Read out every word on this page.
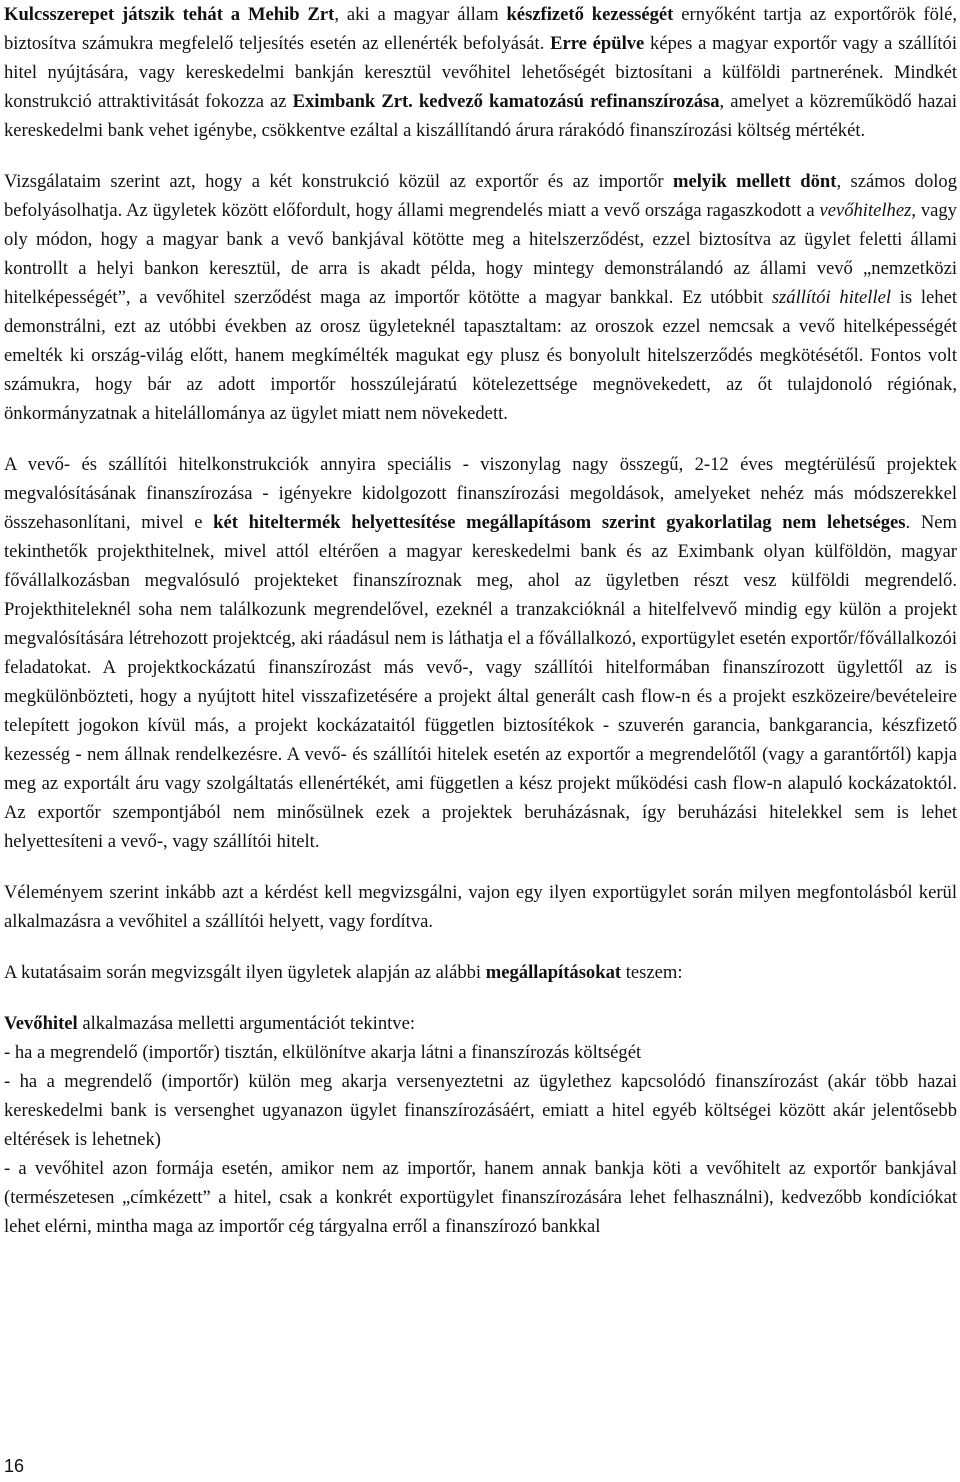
Kulcsszerepet játszik tehát a Mehib Zrt, aki a magyar állam készfizető kezességét ernyőként tartja az exportőrök fölé, biztosítva számukra megfelelő teljesítés esetén az ellenérték befolyását. Erre épülve képes a magyar exportőr vagy a szállítói hitel nyújtására, vagy kereskedelmi bankján keresztül vevőhitel lehetőségét biztosítani a külföldi partnerének. Mindkét konstrukció attraktivitását fokozza az Eximbank Zrt. kedvező kamatozású refinanszírozása, amelyet a közreműködő hazai kereskedelmi bank vehet igénybe, csökkentve ezáltal a kiszállítandó árura rárakódó finanszírozási költség mértékét.

Vizsgálataim szerint azt, hogy a két konstrukció közül az exportőr és az importőr melyik mellett dönt, számos dolog befolyásolhatja. Az ügyletek között előfordult, hogy állami megrendelés miatt a vevő országa ragaszkodott a vevőhitelhez, vagy oly módon, hogy a magyar bank a vevő bankjával kötötte meg a hitelszerződést, ezzel biztosítva az ügylet feletti állami kontrollt a helyi bankon keresztül, de arra is akadt példa, hogy mintegy demonstrálandó az állami vevő „nemzetközi hitelképességét”, a vevőhitel szerződést maga az importőr kötötte a magyar bankkal. Ez utóbbit szállítói hitellel is lehet demonstrálni, ezt az utóbbi években az orosz ügyleteknél tapasztaltam: az oroszok ezzel nemcsak a vevő hitelképességét emelték ki ország-világ előtt, hanem megkímélték magukat egy plusz és bonyolult hitelszerződés megkötésétől. Fontos volt számukra, hogy bár az adott importőr hosszúlejáratú kötelezettsége megnövekedett, az őt tulajdonoló régiónak, önkormányzatnak a hitelállománya az ügylet miatt nem növekedett.

A vevő- és szállítói hitelkonstrukciók annyira speciális - viszonylag nagy összegű, 2-12 éves megtérülésű projektek megvalósításának finanszírozása - igényekre kidolgozott finanszírozási megoldások, amelyeket nehéz más módszerekkel összehasonlítani, mivel e két hiteltermék helyettesítése megállapításom szerint gyakorlatilag nem lehetséges. Nem tekinthetők projekthitelnek, mivel attól eltérően a magyar kereskedelmi bank és az Eximbank olyan külföldön, magyar fővállalkozásban megvalósuló projekteket finanszíroznak meg, ahol az ügyletben részt vesz külföldi megrendelő. Projekthiteleknél soha nem találkozunk megrendelővel, ezeknél a tranzakcióknál a hitelfelvevő mindig egy külön a projekt megvalósítására létrehozott projektcég, aki ráadásul nem is láthatja el a fővállalkozó, exportügylet esetén exportőr/fővállalkozói feladatokat. A projektkockázatú finanszírozást más vevő-, vagy szállítói hitelformában finanszírozott ügylettől az is megkülönbözteti, hogy a nyújtott hitel visszafizetésére a projekt által generált cash flow-n és a projekt eszközeire/bevételeire telepített jogokon kívül más, a projekt kockázataitól független biztosítékok - szuverén garancia, bankgarancia, készfizető kezesség - nem állnak rendelkezésre. A vevő- és szállítói hitelek esetén az exportőr a megrendelőtől (vagy a garantőrtől) kapja meg az exportált áru vagy szolgáltatás ellenértékét, ami független a kész projekt működési cash flow-n alapuló kockázatoktól. Az exportőr szempontjából nem minősülnek ezek a projektek beruházásnak, így beruházási hitelekkel sem is lehet helyettesíteni a vevő-, vagy szállítói hitelt.

Véleményem szerint inkább azt a kérdést kell megvizsgálni, vajon egy ilyen exportügylet során milyen megfontolásból kerül alkalmazásra a vevőhitel a szállítói helyett, vagy fordítva.

A kutatásaim során megvizsgált ilyen ügyletek alapján az alábbi megállapításokat teszem:

Vevőhitel alkalmazása melletti argumentációt tekintve:

- ha a megrendelő (importőr) tisztán, elkülönítve akarja látni a finanszírozás költségét

- ha a megrendelő (importőr) külön meg akarja versenyeztetni az ügylethez kapcsolódó finanszírozást (akár több hazai kereskedelmi bank is versenghet ugyanazon ügylet finanszírozásáért, emiatt a hitel egyéb költségei között akár jelentősebb eltérések is lehetnek)

- a vevőhitel azon formája esetén, amikor nem az importőr, hanem annak bankja köti a vevőhitelt az exportőr bankjával (természetesen „címkézett” a hitel, csak a konkrét exportügylet finanszírozására lehet felhasználni), kedvezőbb kondíciókat lehet elérni, mintha maga az importőr cég tárgyalna erről a finanszírozó bankkal

16
